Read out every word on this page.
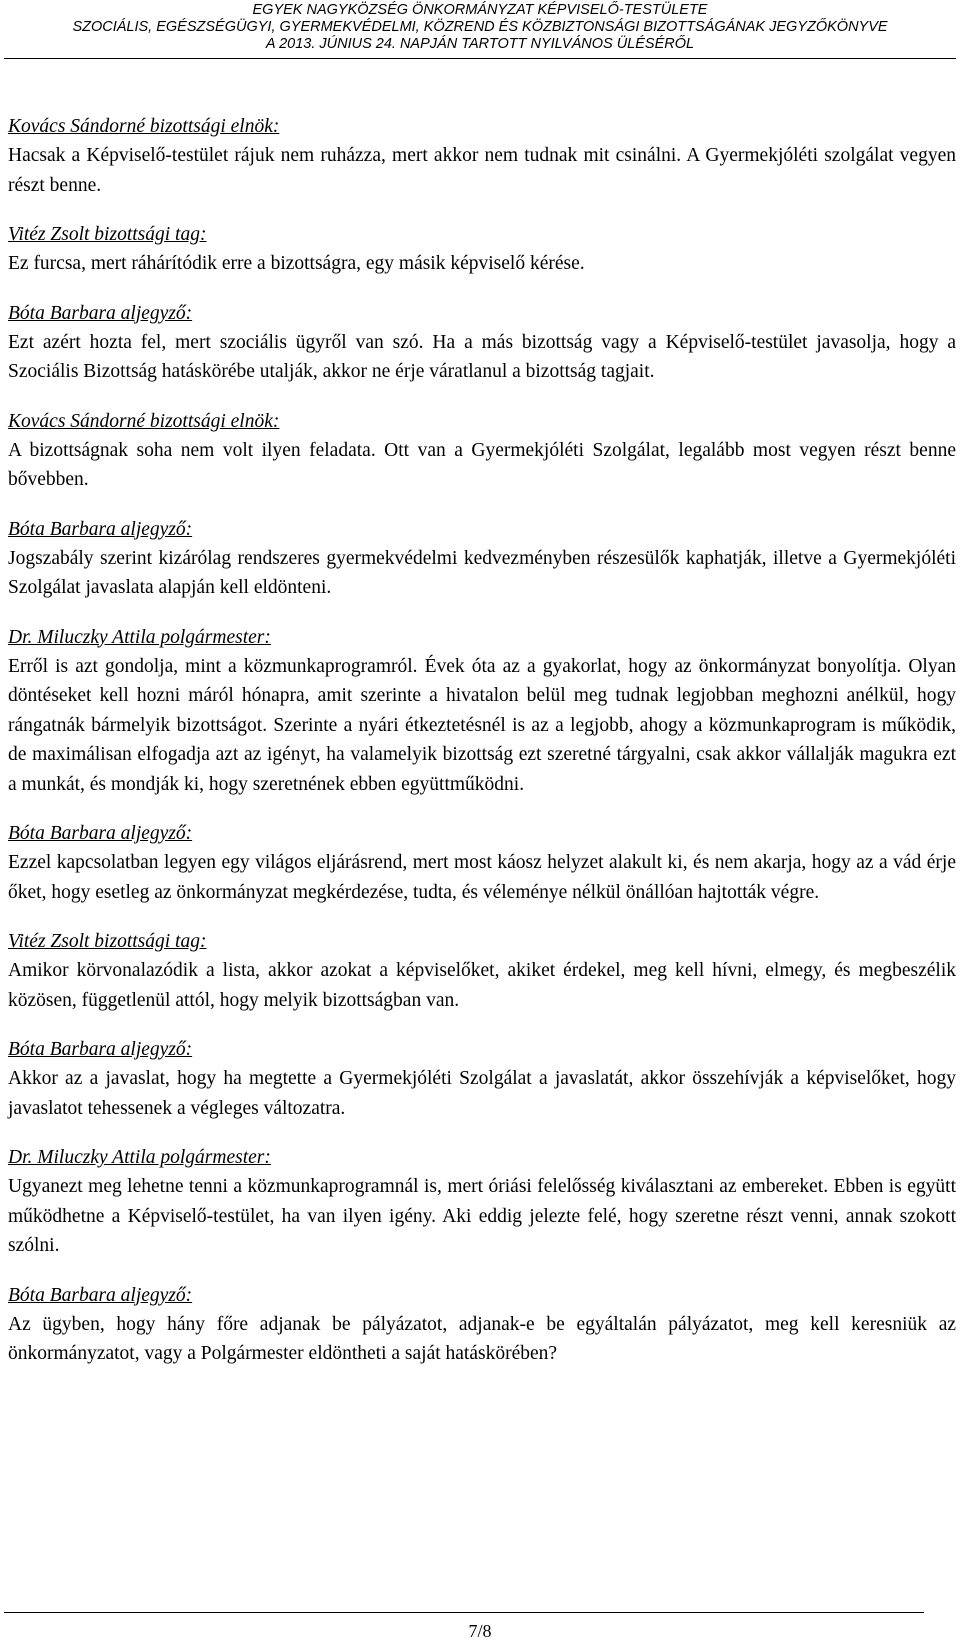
EGYEK NAGYKÖZSÉG ÖNKORMÁNYZAT KÉPVISELŐ-TESTÜLETE
SZOCIÁLIS, EGÉSZSÉGÜGYI, GYERMEKVÉDELMI, KÖZREND ÉS KÖZBIZTONSÁGI BIZOTTSÁGÁNAK JEGYZŐKÖNYVE
A 2013. JÚNIUS 24. NAPJÁN TARTOTT NYILVÁNOS ÜLÉSÉRŐL
Kovács Sándorné bizottsági elnök:

Hacsak a Képviselő-testület rájuk nem ruházza, mert akkor nem tudnak mit csinálni. A Gyermekjóléti szolgálat vegyen részt benne.

Vitéz Zsolt bizottsági tag:

Ez furcsa, mert ráhárítódik erre a bizottságra, egy másik képviselő kérése.

Bóta Barbara aljegyző:

Ezt azért hozta fel, mert szociális ügyről van szó. Ha a más bizottság vagy a Képviselő-testület javasolja, hogy a Szociális Bizottság hatáskörébe utalják, akkor ne érje váratlanul a bizottság tagjait.

Kovács Sándorné bizottsági elnök:

A bizottságnak soha nem volt ilyen feladata. Ott van a Gyermekjóléti Szolgálat, legalább most vegyen részt benne bővebben.

Bóta Barbara aljegyző:

Jogszabály szerint kizárólag rendszeres gyermekvédelmi kedvezményben részesülők kaphatják, illetve a Gyermekjóléti Szolgálat javaslata alapján kell eldönteni.

Dr. Miluczky Attila polgármester:

Erről is azt gondolja, mint a közmunkaprogramról. Évek óta az a gyakorlat, hogy az önkormányzat bonyolítja. Olyan döntéseket kell hozni máról hónapra, amit szerinte a hivatalon belül meg tudnak legjobban meghozni anélkül, hogy rángatnák bármelyik bizottságot. Szerinte a nyári étkeztetésnél is az a legjobb, ahogy a közmunkaprogram is működik, de maximálisan elfogadja azt az igényt, ha valamelyik bizottság ezt szeretné tárgyalni, csak akkor vállalják magukra ezt a munkát, és mondják ki, hogy szeretnének ebben együttműködni.

Bóta Barbara aljegyző:

Ezzel kapcsolatban legyen egy világos eljárásrend, mert most káosz helyzet alakult ki, és nem akarja, hogy az a vád érje őket, hogy esetleg az önkormányzat megkérdezése, tudta, és véleménye nélkül önállóan hajtották végre.

Vitéz Zsolt bizottsági tag:

Amikor körvonalazódik a lista, akkor azokat a képviselőket, akiket érdekel, meg kell hívni, elmegy, és megbeszélik közösen, függetlenül attól, hogy melyik bizottságban van.

Bóta Barbara aljegyző:

Akkor az a javaslat, hogy ha megtette a Gyermekjóléti Szolgálat a javaslatát, akkor összehívják a képviselőket, hogy javaslatot tehessenek a végleges változatra.

Dr. Miluczky Attila polgármester:

Ugyanezt meg lehetne tenni a közmunkaprogramnál is, mert óriási felelősség kiválasztani az embereket. Ebben is együtt működhetne a Képviselő-testület, ha van ilyen igény. Aki eddig jelezte felé, hogy szeretne részt venni, annak szokott szólni.

Bóta Barbara aljegyző:

Az ügyben, hogy hány főre adjanak be pályázatot, adjanak-e be egyáltalán pályázatot, meg kell keresniük az önkormányzatot, vagy a Polgármester eldöntheti a saját hatáskörében?

7/8
